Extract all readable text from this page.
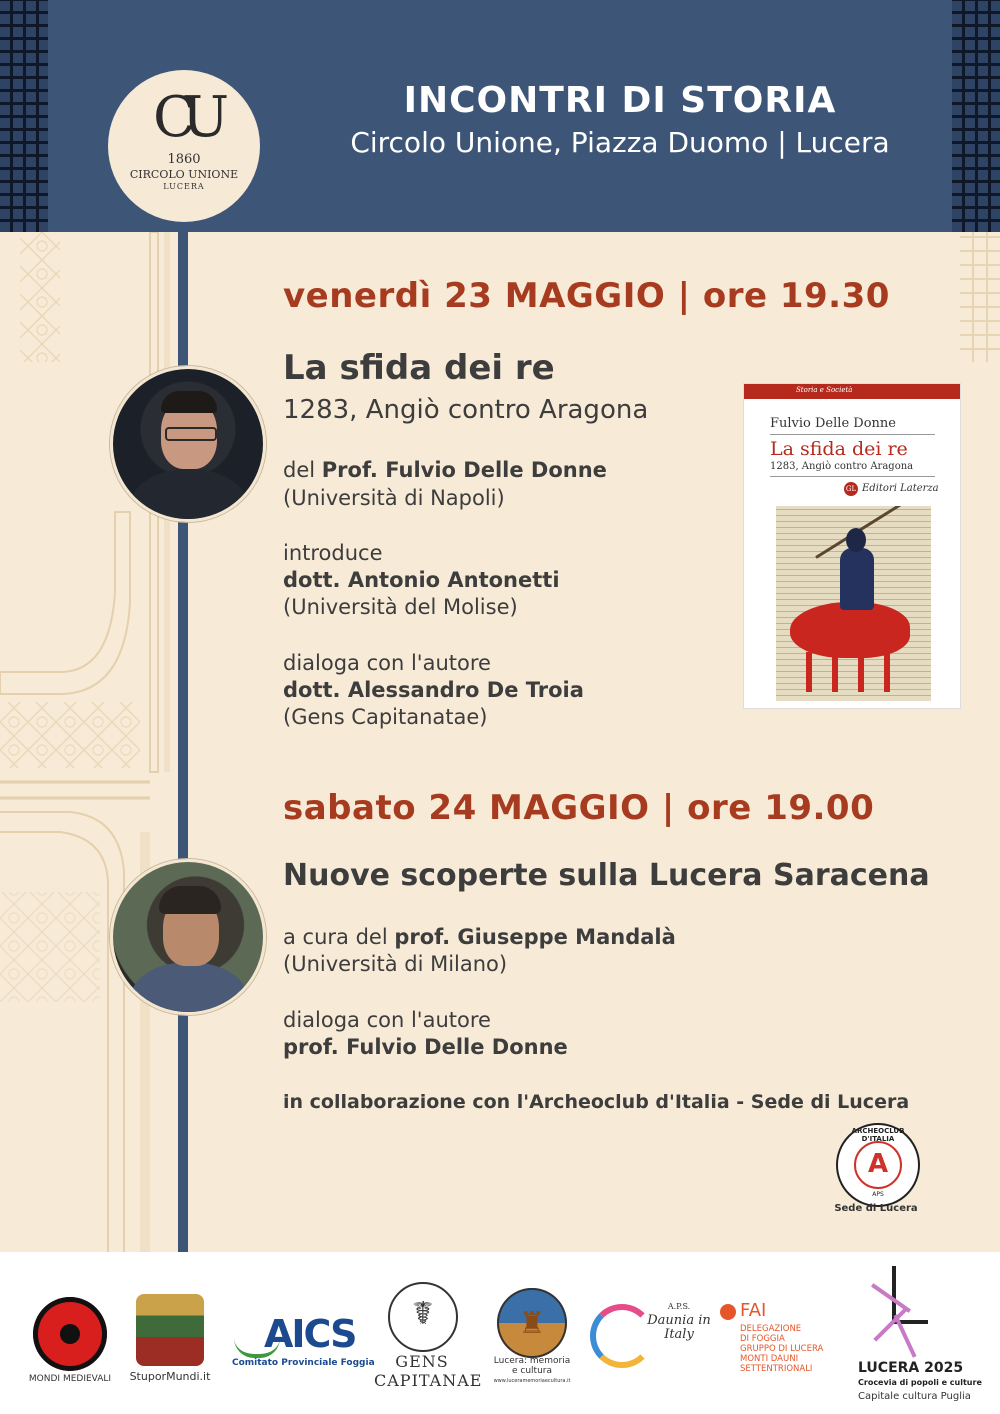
CU
1860
CIRCOLO UNIONE
LUCERA
INCONTRI DI STORIA
Circolo Unione, Piazza Duomo | Lucera
venerdì 23 MAGGIO | ore 19.30
La sfida dei re
1283, Angiò contro Aragona
del Prof. Fulvio Delle Donne
(Università di Napoli)
introduce
dott. Antonio Antonetti
(Università del Molise)
dialoga con l'autore
dott. Alessandro De Troia
(Gens Capitanatae)
Storia e Società
Fulvio Delle Donne
La sfida dei re
1283, Angiò contro Aragona
GL Editori Laterza
sabato 24 MAGGIO | ore 19.00
Nuove scoperte sulla Lucera Saracena
a cura del prof. Giuseppe Mandalà
(Università di Milano)
dialoga con l'autore
prof. Fulvio Delle Donne
in collaborazione con l'Archeoclub d'Italia - Sede di Lucera
ARCHEOCLUB D'ITALIA
A
APS
Sede di Lucera
MONDI MEDIEVALI	StuporMundi.it
AICS
Comitato Provinciale Foggia
☤
GENS CAPITANAE
♜
Lucera: memoria
e cultura
www.luceramemoriaecultura.it
A.P.S.
Daunia in Italy
FAI
DELEGAZIONE
DI FOGGIA
GRUPPO DI LUCERA
MONTI DAUNI
SETTENTRIONALI	LUCERA 2025
Crocevia di popoli e culture
Capitale cultura Puglia
